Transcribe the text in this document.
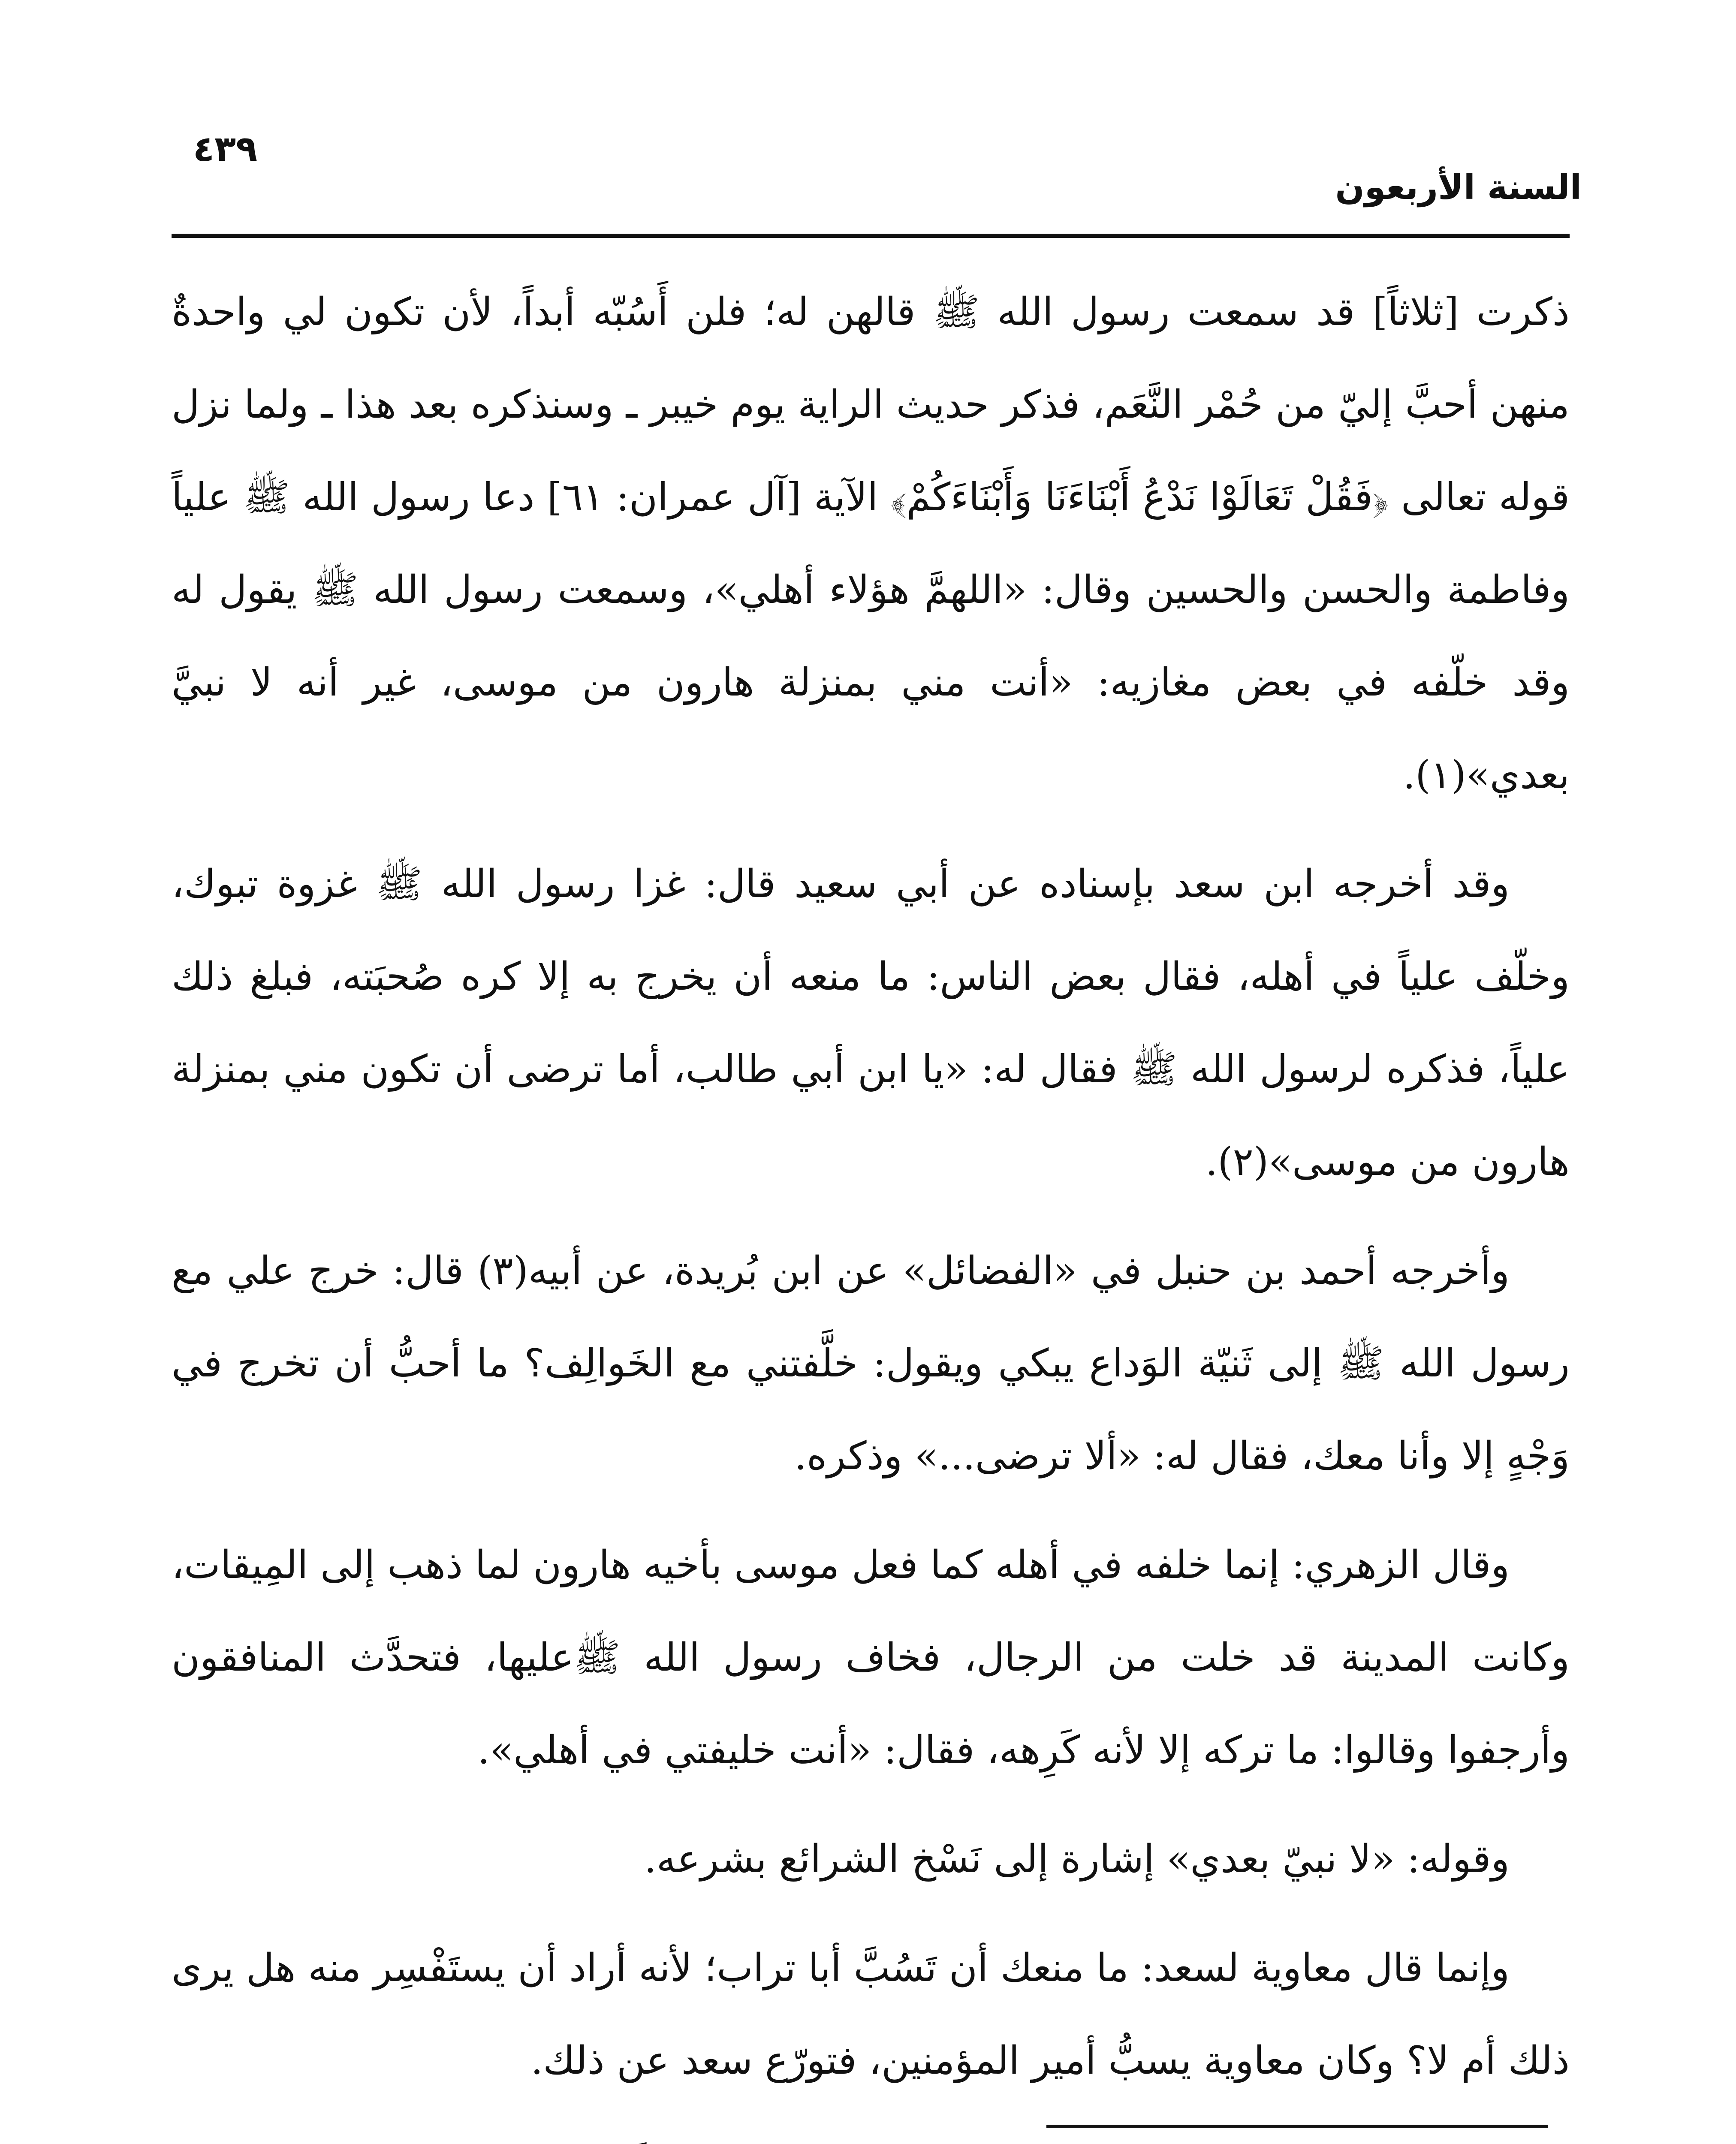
٤٣٩
السنة الأربعون

ذكرت [ثلاثاً] قد سمعت رسول الله ﷺ قالهن له؛ فلن أَسُبّه أبداً، لأن تكون لي واحدةٌ منهن أحبَّ إليّ من حُمْر النَّعَم، فذكر حديث الراية يوم خيبر ـ وسنذكره بعد هذا ـ ولما نزل قوله تعالى ﴿فَقُلْ تَعَالَوْا نَدْعُ أَبْنَاءَنَا وَأَبْنَاءَكُمْ﴾ الآية [آل عمران: ٦١] دعا رسول الله ﷺ علياً وفاطمة والحسن والحسين وقال: «اللهمَّ هؤلاء أهلي»، وسمعت رسول الله ﷺ يقول له وقد خلّفه في بعض مغازيه: «أنت مني بمنزلة هارون من موسى، غير أنه لا نبيَّ بعدي»(١).

وقد أخرجه ابن سعد بإسناده عن أبي سعيد قال: غزا رسول الله ﷺ غزوة تبوك، وخلّف علياً في أهله، فقال بعض الناس: ما منعه أن يخرج به إلا كره صُحبَته، فبلغ ذلك علياً، فذكره لرسول الله ﷺ فقال له: «يا ابن أبي طالب، أما ترضى أن تكون مني بمنزلة هارون من موسى»(٢).

وأخرجه أحمد بن حنبل في «الفضائل» عن ابن بُريدة، عن أبيه(٣) قال: خرج علي مع رسول الله ﷺ إلى ثَنيّة الوَداع يبكي ويقول: خلَّفتني مع الخَوالِف؟ ما أحبُّ أن تخرج في وَجْهٍ إلا وأنا معك، فقال له: «ألا ترضى...» وذكره.

وقال الزهري: إنما خلفه في أهله كما فعل موسى بأخيه هارون لما ذهب إلى المِيقات، وكانت المدينة قد خلت من الرجال، فخاف رسول الله ﷺعليها، فتحدَّث المنافقون وأرجفوا وقالوا: ما تركه إلا لأنه كَرِهه، فقال: «أنت خليفتي في أهلي».

وقوله: «لا نبيّ بعدي» إشارة إلى نَسْخ الشرائع بشرعه.

وإنما قال معاوية لسعد: ما منعك أن تَسُبَّ أبا تراب؛ لأنه أراد أن يستَفْسِر منه هل يرى ذلك أم لا؟ وكان معاوية يسبُّ أمير المؤمنين، فتورّع سعد عن ذلك.
